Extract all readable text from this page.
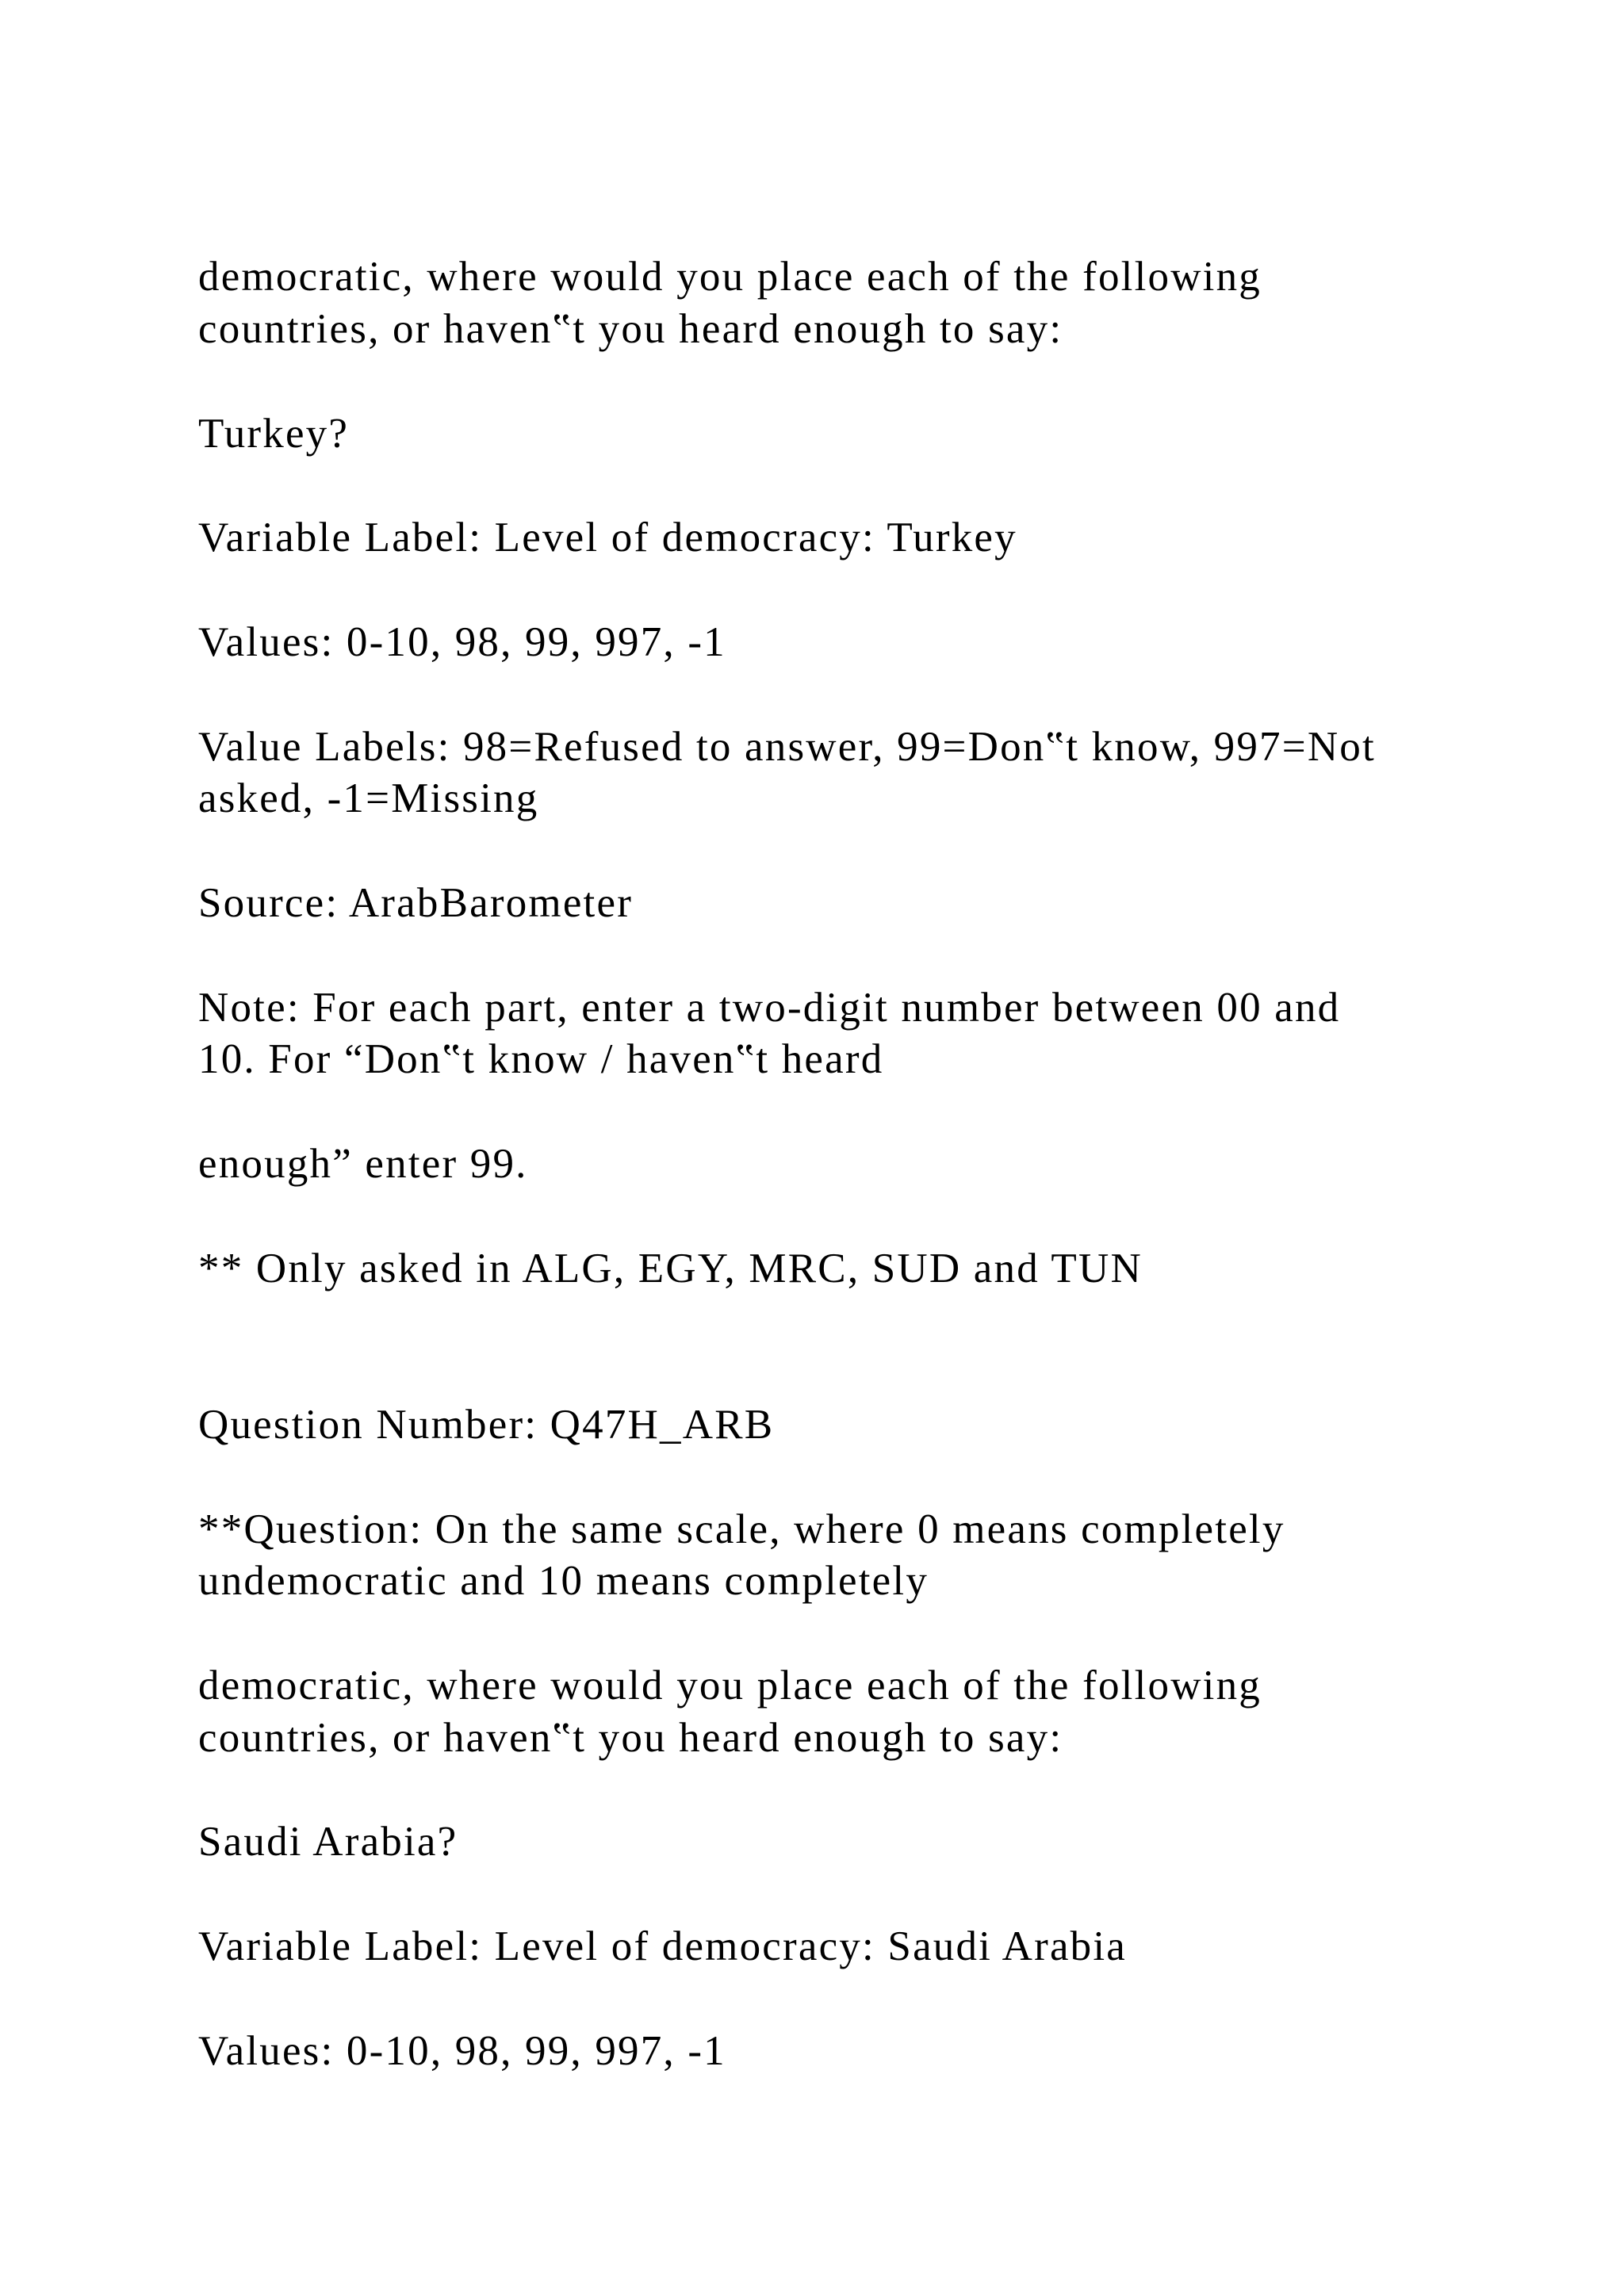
democratic, where would you place each of the following

countries, or haven‟t you heard enough to say:

Turkey?

Variable Label: Level of democracy: Turkey

Values: 0-10, 98, 99, 997, -1

Value Labels: 98=Refused to answer, 99=Don‟t know, 997=Not

asked, -1=Missing

Source: ArabBarometer

Note: For each part, enter a two-digit number between 00 and

10. For “Don‟t know / haven‟t heard

enough” enter 99.

** Only asked in ALG, EGY, MRC, SUD and TUN

Question Number: Q47H_ARB

**Question: On the same scale, where 0 means completely

undemocratic and 10 means completely

democratic, where would you place each of the following

countries, or haven‟t you heard enough to say:

Saudi Arabia?

Variable Label: Level of democracy: Saudi Arabia

Values: 0-10, 98, 99, 997, -1
